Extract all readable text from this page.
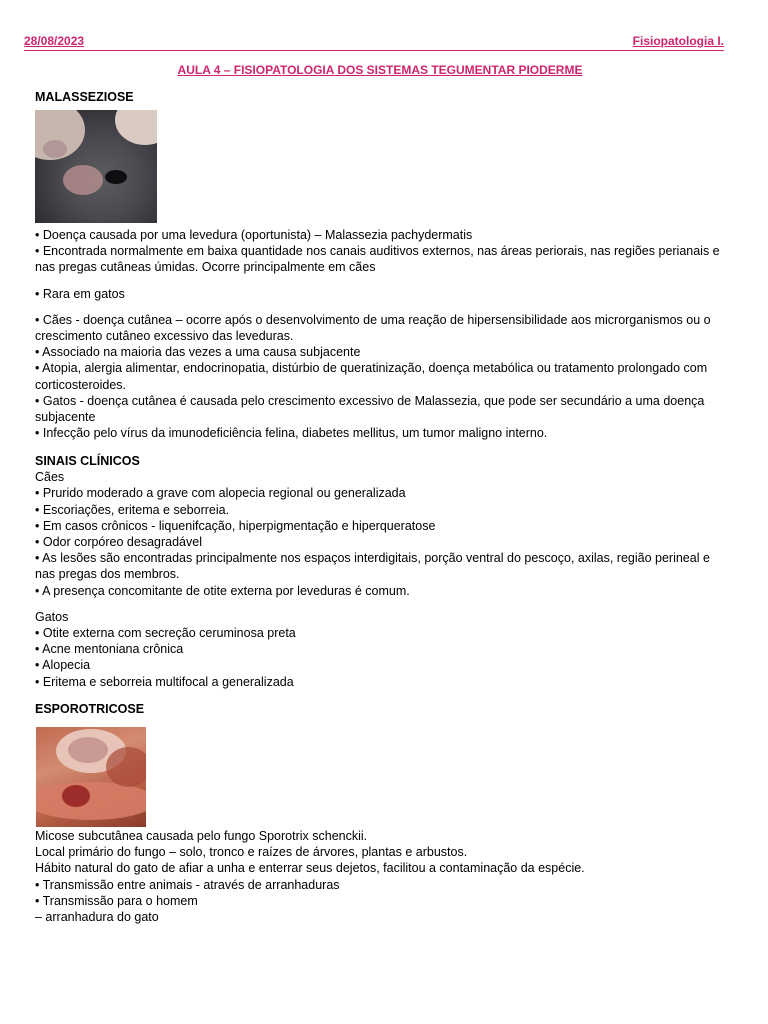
28/08/2023	Fisiopatologia I.
AULA 4 – FISIOPATOLOGIA DOS SISTEMAS TEGUMENTAR PIODERME
MALASSEZIOSE
• Doença causada por uma levedura (oportunista) – Malassezia pachydermatis
• Encontrada normalmente em baixa quantidade nos canais auditivos externos, nas áreas periorais, nas regiões perianais e
nas pregas cutâneas úmidas. Ocorre principalmente em cães
• Rara em gatos
• Cães - doença cutânea – ocorre após o desenvolvimento de uma reação de hipersensibilidade aos microrganismos ou o
crescimento cutâneo excessivo das leveduras.
• Associado na maioria das vezes a uma causa subjacente
• Atopia, alergia alimentar, endocrinopatia, distúrbio de queratinização, doença metabólica ou tratamento prolongado com
corticosteroides.
• Gatos - doença cutânea é causada pelo crescimento excessivo de Malassezia, que pode ser secundário a uma doença
subjacente
• Infecção pelo vírus da imunodeficiência felina, diabetes mellitus, um tumor maligno interno.
SINAIS CLÍNICOS
Cães
• Prurido moderado a grave com alopecia regional ou generalizada
• Escoriações, eritema e seborreia.
• Em casos crônicos - liquenifcação, hiperpigmentação e hiperqueratose
• Odor corpóreo desagradável
• As lesões são encontradas principalmente nos espaços interdigitais, porção ventral do pescoço, axilas, região perineal e
nas pregas dos membros.
• A presença concomitante de otite externa por leveduras é comum.
Gatos
• Otite externa com secreção ceruminosa preta
• Acne mentoniana crônica
• Alopecia
• Eritema e seborreia multifocal a generalizada
ESPOROTRICOSE
Micose subcutânea causada pelo fungo Sporotrix schenckii.
Local primário do fungo – solo, tronco e raízes de árvores, plantas e arbustos.
Hábito natural do gato de afiar a unha e enterrar seus dejetos, facilitou a contaminação da espécie.
• Transmissão entre animais - através de arranhaduras
• Transmissão para o homem
– arranhadura do gato
